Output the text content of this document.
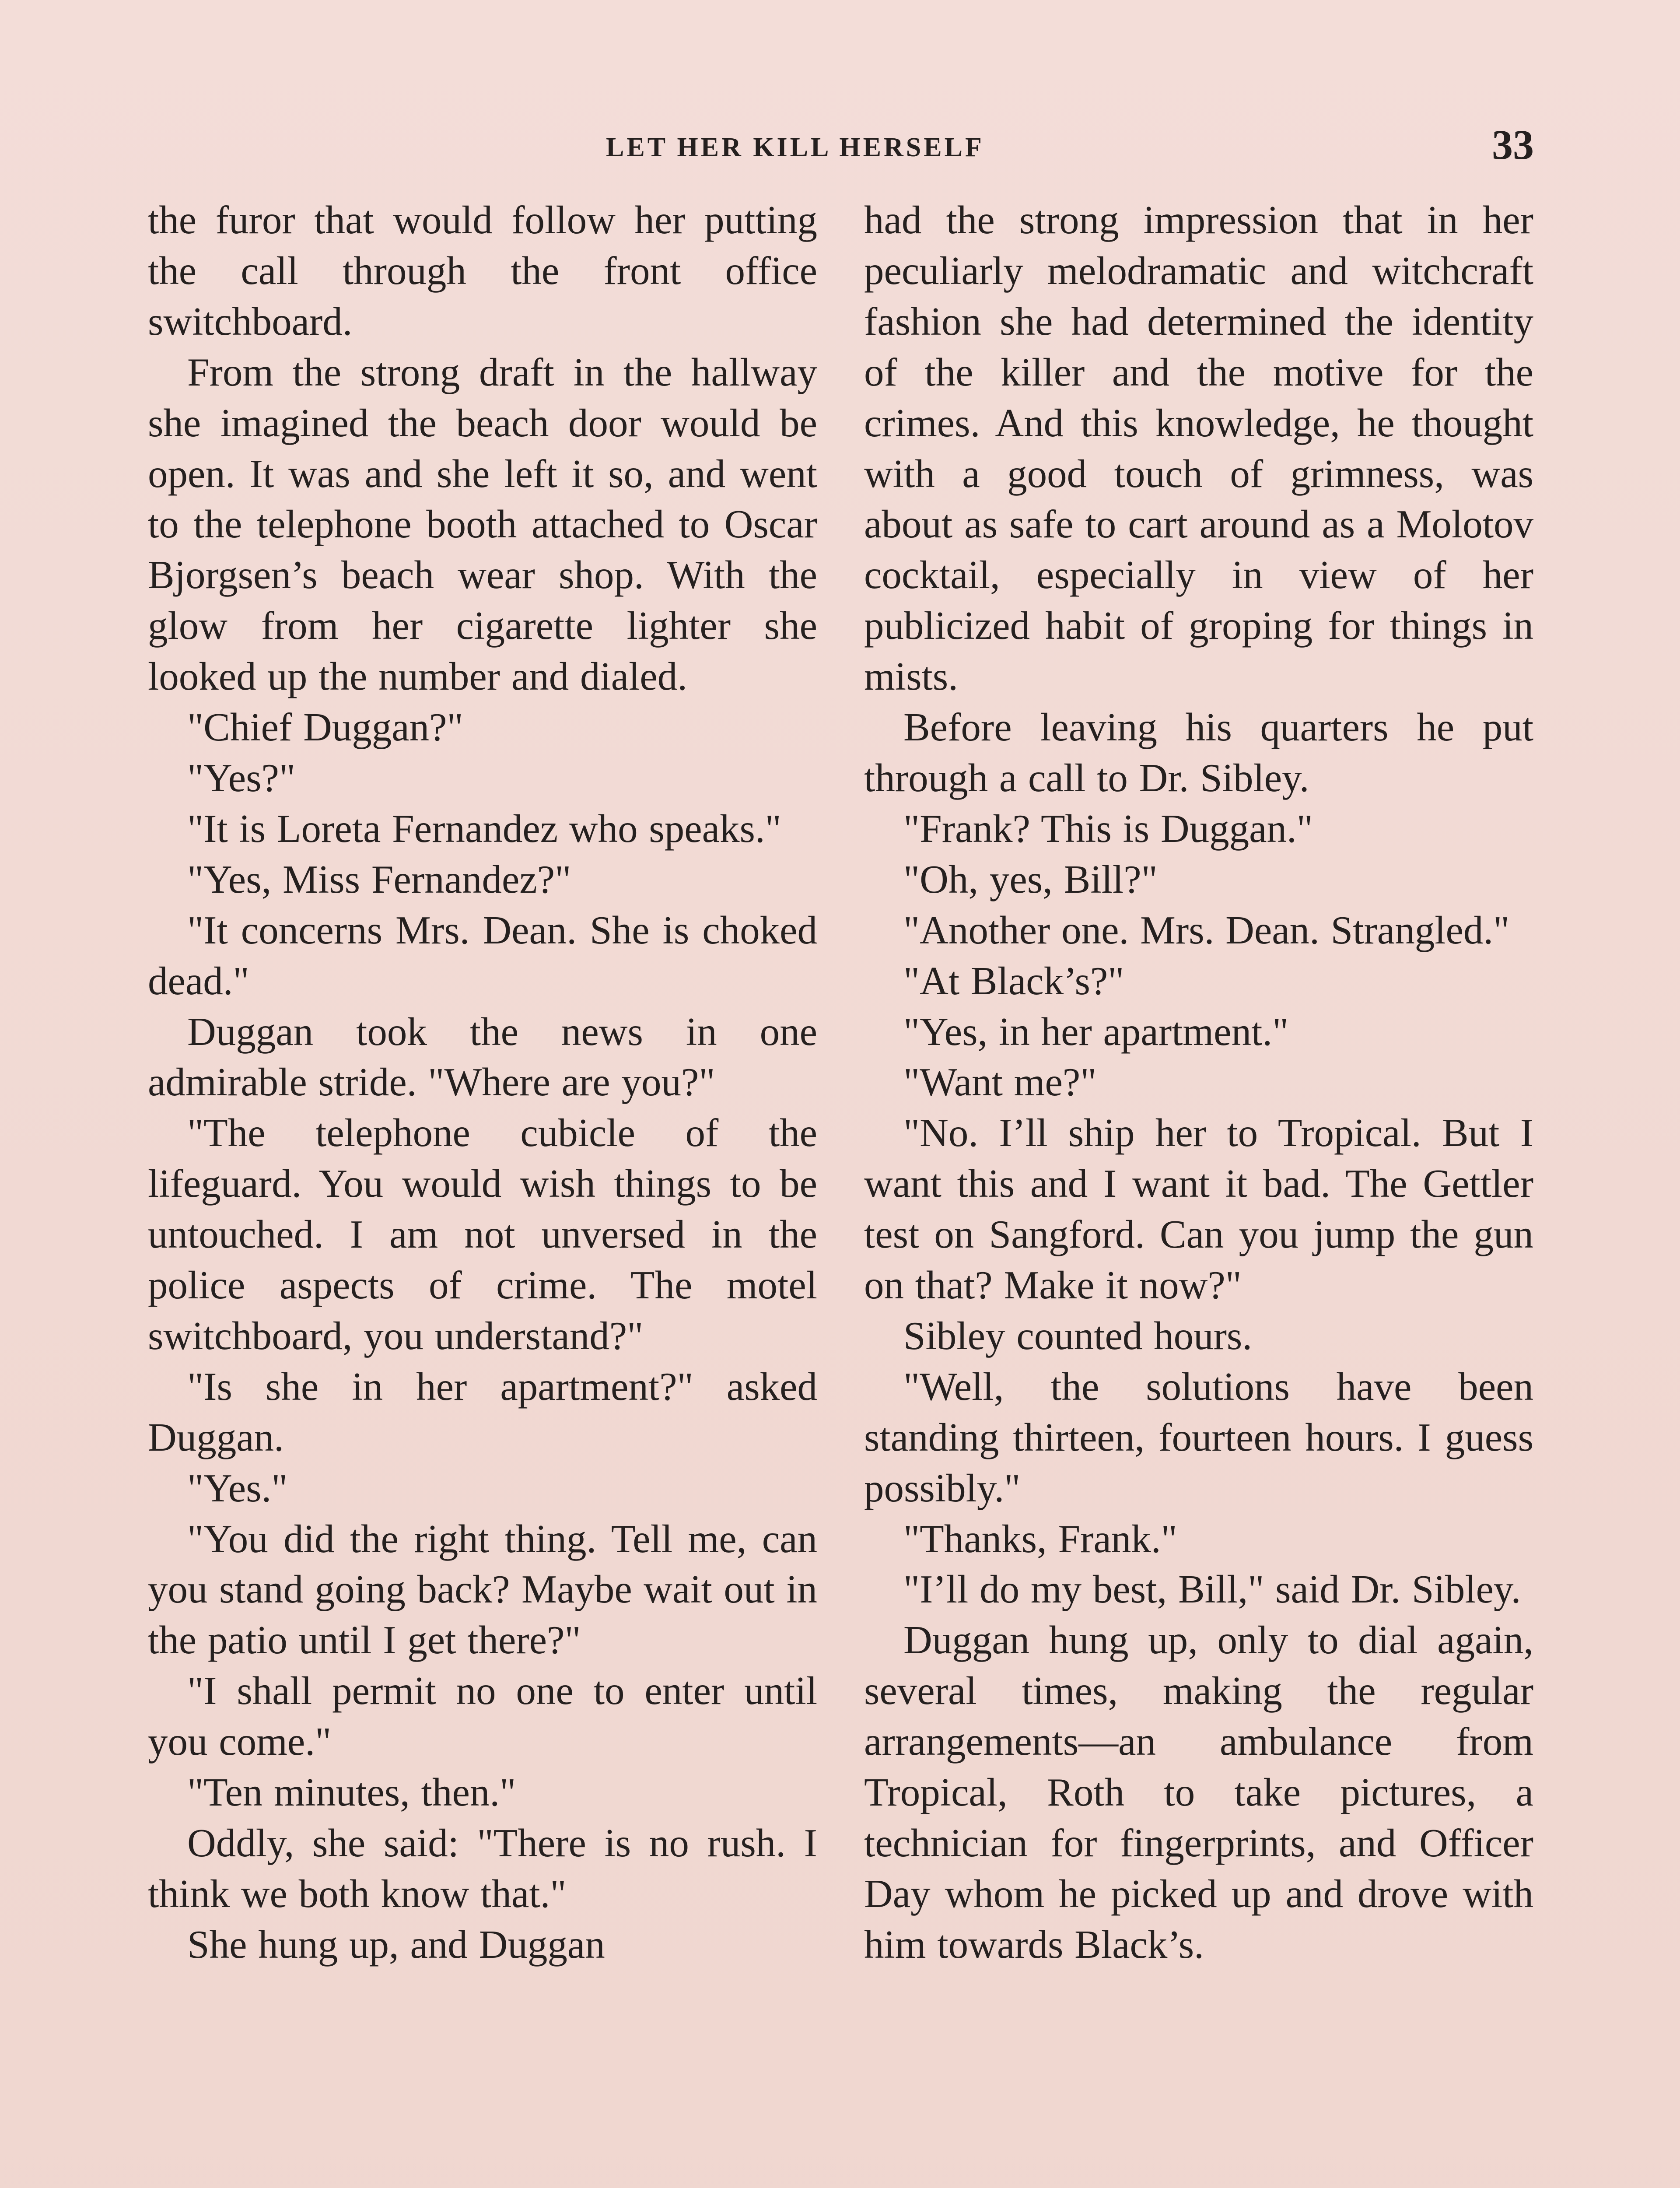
LET HER KILL HERSELF	33

the furor that would follow her putting the call through the front office switchboard.

From the strong draft in the hallway she imagined the beach door would be open. It was and she left it so, and went to the telephone booth attached to Oscar Bjorgsen’s beach wear shop. With the glow from her cigarette lighter she looked up the number and dialed.

"Chief Duggan?"

"Yes?"

"It is Loreta Fernandez who speaks."

"Yes, Miss Fernandez?"

"It concerns Mrs. Dean. She is choked dead."

Duggan took the news in one admirable stride. "Where are you?"

"The telephone cubicle of the lifeguard. You would wish things to be untouched. I am not unversed in the police aspects of crime. The motel switchboard, you understand?"

"Is she in her apartment?" asked Duggan.

"Yes."

"You did the right thing. Tell me, can you stand going back? Maybe wait out in the patio until I get there?"

"I shall permit no one to enter until you come."

"Ten minutes, then."

Oddly, she said: "There is no rush. I think we both know that."

She hung up, and Duggan

had the strong impression that in her peculiarly melodramatic and witchcraft fashion she had determined the identity of the killer and the motive for the crimes. And this knowledge, he thought with a good touch of grimness, was about as safe to cart around as a Molotov cocktail, especially in view of her publicized habit of groping for things in mists.

Before leaving his quarters he put through a call to Dr. Sibley.

"Frank? This is Duggan."

"Oh, yes, Bill?"

"Another one. Mrs. Dean. Strangled."

"At Black’s?"

"Yes, in her apartment."

"Want me?"

"No. I’ll ship her to Tropical. But I want this and I want it bad. The Gettler test on Sangford. Can you jump the gun on that? Make it now?"

Sibley counted hours.

"Well, the solutions have been standing thirteen, fourteen hours. I guess possibly."

"Thanks, Frank."

"I’ll do my best, Bill," said Dr. Sibley.

Duggan hung up, only to dial again, several times, making the regular arrangements—an ambulance from Tropical, Roth to take pictures, a technician for fingerprints, and Officer Day whom he picked up and drove with him towards Black’s.
